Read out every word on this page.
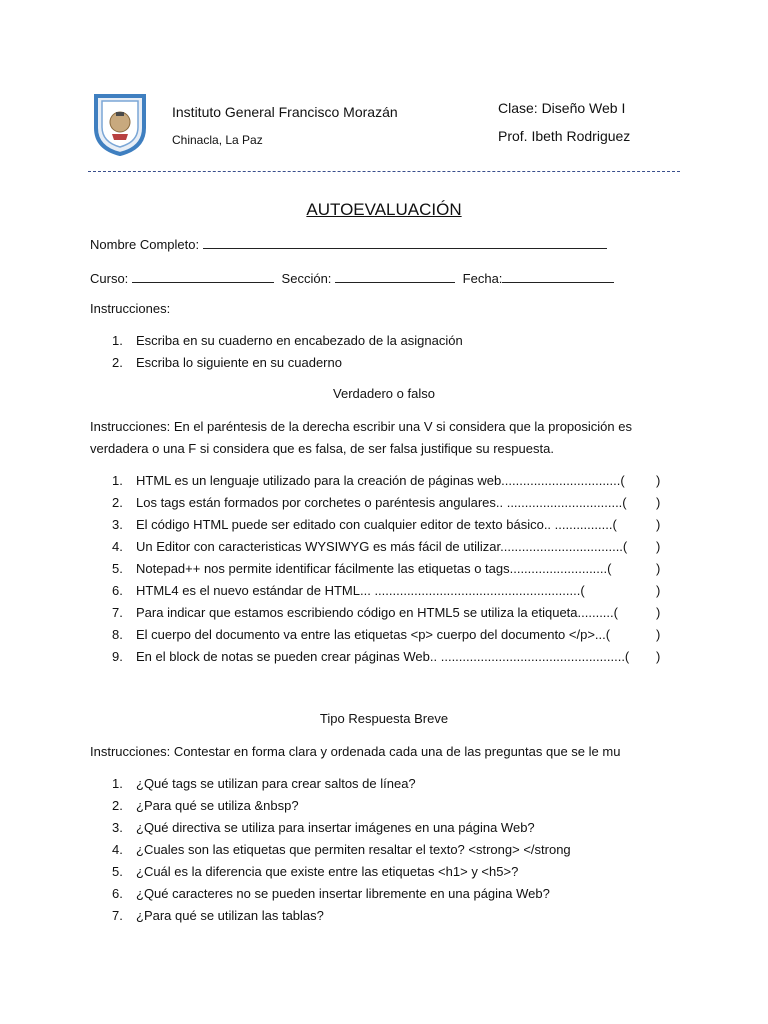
Instituto General Francisco Morazán
Chinacla, La Paz
Clase: Diseño Web I
Prof. Ibeth Rodriguez
AUTOEVALUACIÓN
Nombre Completo:
Curso:	Sección:	Fecha:
Instrucciones:
1. Escriba en su cuaderno en encabezado de la asignación
2. Escriba lo siguiente en su cuaderno
Verdadero o falso
Instrucciones: En el paréntesis de la derecha escribir una V si considera que la proposición es verdadera o una F si considera que es falsa, de ser falsa justifique su respuesta.
1. HTML es un lenguaje utilizado para la creación de páginas web.................................( )
2. Los tags están formados por corchetes o paréntesis angulares.. ................................( )
3. El código HTML puede ser editado con cualquier editor de texto básico.. ................(	)
4. Un Editor con caracteristicas WYSIWYG es más fácil de utilizar..................................( )
5. Notepad++ nos permite identificar fácilmente las etiquetas o tags...........................(	)
6. HTML4 es el nuevo estándar de HTML... .........................................................(	)
7. Para indicar que estamos escribiendo código en HTML5 se utiliza la etiqueta..........(	)
8. El cuerpo del documento va entre las etiquetas <p> cuerpo del documento </p>...(	)
9. En el block de notas se pueden crear páginas Web.. ...................................................( )
Tipo Respuesta Breve
Instrucciones: Contestar en forma clara y ordenada cada una de las preguntas que se le mu
1. ¿Qué tags se utilizan para crear saltos de línea?
2. ¿Para qué se utiliza &nbsp?
3. ¿Qué directiva se utiliza para insertar imágenes en una página Web?
4. ¿Cuales son las etiquetas que permiten resaltar el texto? <strong> </strong
5. ¿Cuál es la diferencia que existe entre las etiquetas <h1> y <h5>?
6. ¿Qué caracteres no se pueden insertar libremente en una página Web?
7. ¿Para qué se utilizan las tablas?
